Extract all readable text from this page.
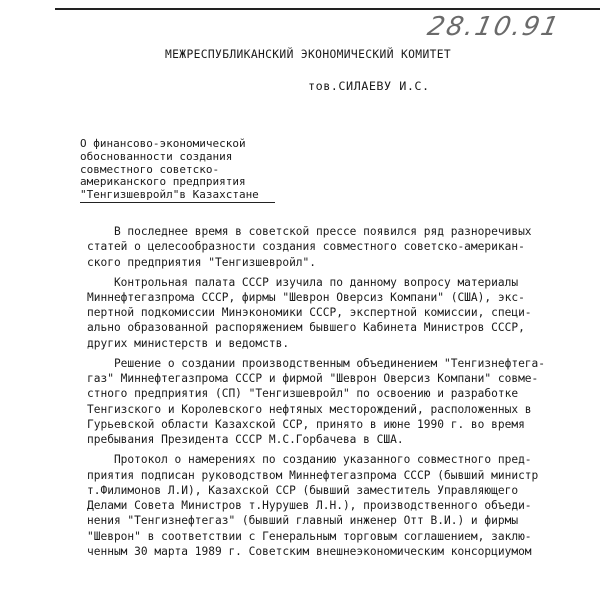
28.10.91
МЕЖРЕСПУБЛИКАНСКИЙ ЭКОНОМИЧЕСКИЙ КОМИТЕТ
тов.СИЛАЕВУ И.С.
О финансово-экономической
обоснованности создания
совместного советско-
американского предприятия
"Тенгизшевройл"в Казахстане
В последнее время в советской прессе появился ряд разноречивых
статей о целесообразности создания совместного советско-американ-
ского предприятия "Тенгизшевройл".
Контрольная палата СССР изучила по данному вопросу материалы
Миннефтегазпрома СССР, фирмы "Шеврон Оверсиз Компани" (США), экс-
пертной подкомиссии Минэкономики СССР, экспертной комиссии, специ-
ально образованной распоряжением бывшего Кабинета Министров СССР,
других министерств и ведомств.
Решение о создании производственным объединением "Тенгизнефтега-
газ" Миннефтегазпрома СССР и фирмой "Шеврон Оверсиз Компани" совме-
стного предприятия (СП) "Тенгизшевройл" по освоению и разработке
Тенгизского и Королевского нефтяных месторождений, расположенных в
Гурьевской области Казахской ССР, принято в июне 1990 г. во время
пребывания Президента СССР М.С.Горбачева в США.
Протокол о намерениях по созданию указанного совместного пред-
приятия подписан руководством Миннефтегазпрома СССР (бывший министр
т.Филимонов Л.И), Казахской ССР (бывший заместитель Управляющего
Делами Совета Министров т.Нурушев Л.Н.), производственного объеди-
нения "Тенгизнефтегаз" (бывший главный инженер Отт В.И.) и фирмы
"Шеврон" в соответствии с Генеральным торговым соглашением, заклю-
ченным 30 марта 1989 г. Советским внешнеэкономическим консорциумом
